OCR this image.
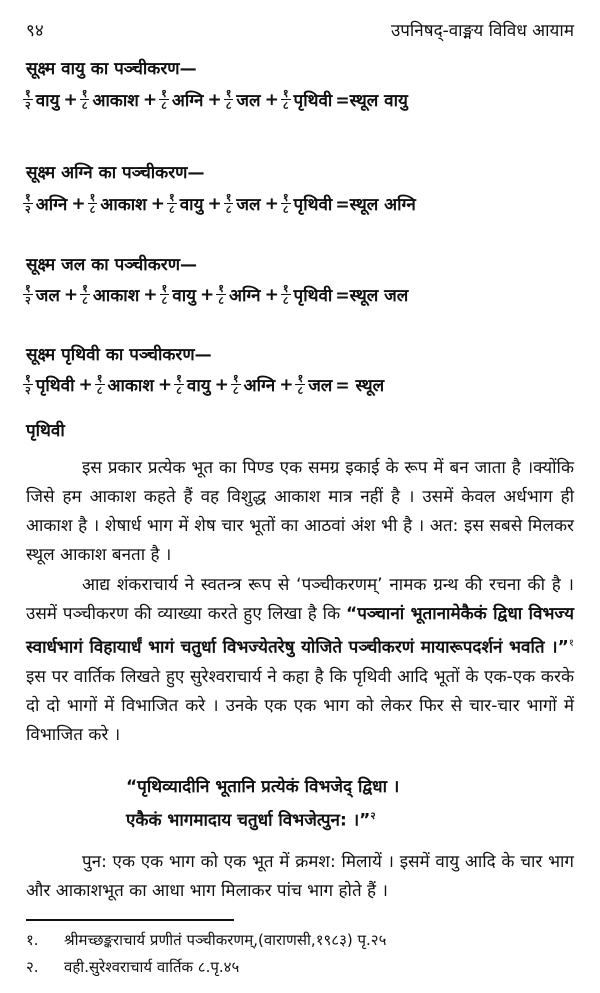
९४	उपनिषद्-वाङ्मय विविध आयाम
सूक्ष्म वायु का पञ्चीकरण—
$\frac{१}{२}$ वायु + $\frac{१}{८}$ आकाश + $\frac{१}{८}$ अग्नि + $\frac{१}{८}$ जल + $\frac{१}{८}$ पृथिवी =स्थूल वायु
सूक्ष्म अग्नि का पञ्चीकरण—
$\frac{१}{२}$ अग्नि + $\frac{१}{८}$ आकाश + $\frac{१}{८}$ वायु + $\frac{१}{८}$ जल + $\frac{१}{८}$ पृथिवी =स्थूल अग्नि
सूक्ष्म जल का पञ्चीकरण—
$\frac{१}{२}$ जल + $\frac{१}{८}$ आकाश + $\frac{१}{८}$ वायु + $\frac{१}{८}$ अग्नि + $\frac{१}{८}$ पृथिवी =स्थूल जल
सूक्ष्म पृथिवी का पञ्चीकरण—
$\frac{१}{२}$ पृथिवी + $\frac{१}{८}$ आकाश + $\frac{१}{८}$ वायु + $\frac{१}{८}$ अग्नि + $\frac{१}{८}$ जल = स्थूल
पृथिवी

इस प्रकार प्रत्येक भूत का पिण्ड एक समग्र इकाई के रूप में बन जाता है ।क्योंकि जिसे हम आकाश कहते हैं वह विशुद्ध आकाश मात्र नहीं है । उसमें केवल अर्धभाग ही आकाश है । शेषार्ध भाग में शेष चार भूतों का आठवां अंश भी है । अत: इस सबसे मिलकर स्थूल आकाश बनता है ।

आद्य शंकराचार्य ने स्वतन्त्र रूप से ‘पञ्चीकरणम्’ नामक ग्रन्थ की रचना की है । उसमें पञ्चीकरण की व्याख्या करते हुए लिखा है कि “पञ्चानां भूतानामेकैकं द्विधा विभज्य स्वार्धभागं विहायार्धं भागं चतुर्धा विभज्येतरेषु योजिते पञ्चीकरणं मायारूपदर्शनं भवति ।”$^१$ इस पर वार्तिक लिखते हुए सुरेश्वराचार्य ने कहा है कि पृथिवी आदि भूतों के एक-एक करके दो दो भागों में विभाजित करे । उनके एक एक भाग को लेकर फिर से चार-चार भागों में विभाजित करे ।

“पृथिव्यादीनि भूतानि प्रत्येकं विभजेद् द्विधा ।
एकैकं भागमादाय चतुर्धा विभजेत्पुन: ।”$^२$

पुन: एक एक भाग को एक भूत में क्रमश: मिलायें । इसमें वायु आदि के चार भाग और आकाशभूत का आधा भाग मिलाकर पांच भाग होते हैं ।

१.	श्रीमच्छङ्कराचार्य प्रणीतं पञ्चीकरणम्,(वाराणसी,१९८३) पृ.२५
२.	वही.सुरेश्वराचार्य वार्तिक ८.पृ.४५
